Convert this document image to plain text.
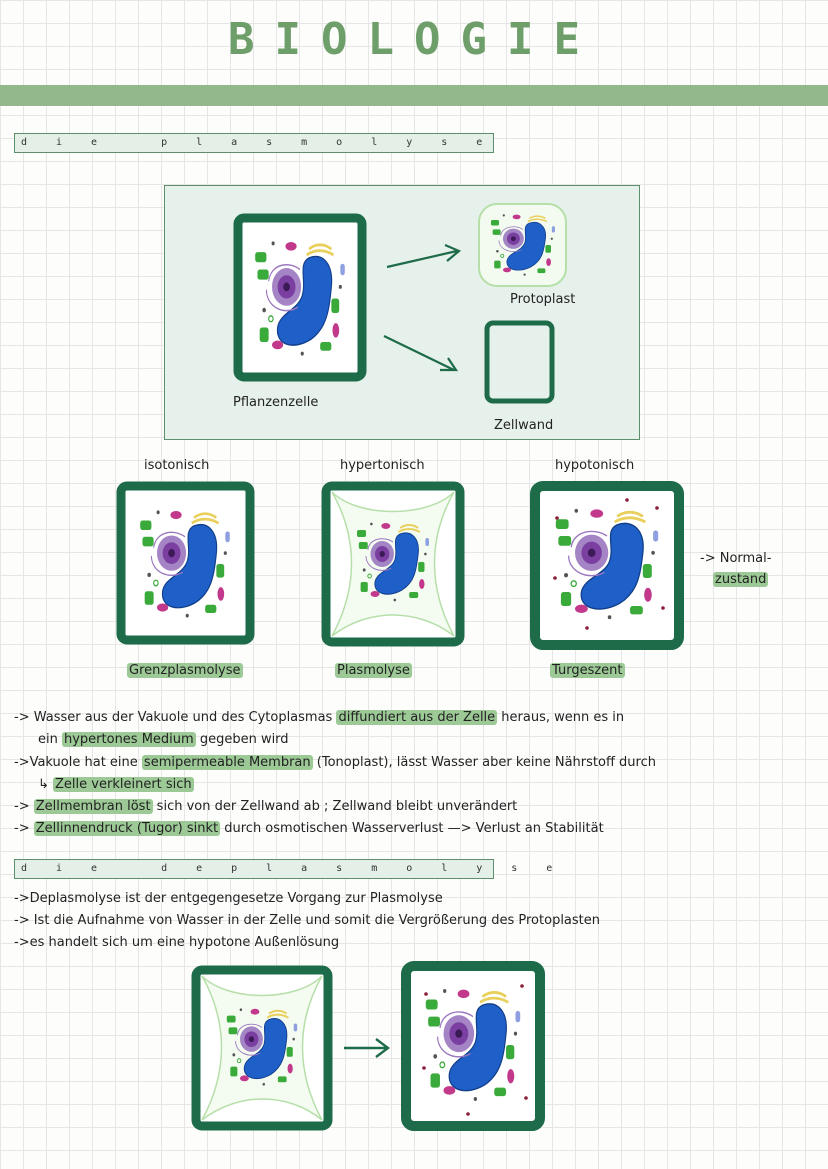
BIOLOGIE
die plasmolyse
Protoplast
Pflanzenzelle
Zellwand
isotonisch	hypertonisch	hypotonisch
-> Normal-
zustand
Grenzplasmolyse	Plasmolyse	Turgeszent
-> Wasser aus der Vakuole und des Cytoplasmas diffundiert aus der Zelle heraus, wenn es in
ein hypertones Medium gegeben wird
->Vakuole hat eine semipermeable Membran (Tonoplast), lässt Wasser aber keine Nährstoff durch
↳ Zelle verkleinert sich
-> Zellmembran löst sich von der Zellwand ab ; Zellwand bleibt unverändert
-> Zellinnendruck (Tugor) sinkt durch osmotischen Wasserverlust —> Verlust an Stabilität
die deplasmolyse
->Deplasmolyse ist der entgegengesetze Vorgang zur Plasmolyse
-> Ist die Aufnahme von Wasser in der Zelle und somit die Vergrößerung des Protoplasten
->es handelt sich um eine hypotone Außenlösung
